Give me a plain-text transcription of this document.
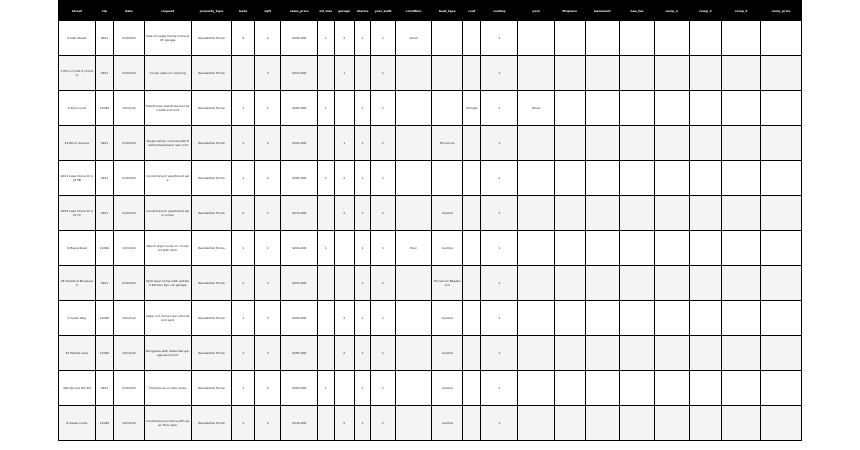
street	zip	date	request	property_type	beds	sqft	sales_price	lot_size	garage	stories	year_built	condition	heat_type	roof	cooling	pool	fireplace	basement	hoa_fee	comp_1	comp_2	comp_3	comp_price

9 Oak Street	3921	01/04/23	Sale of single family home with garage	Residential Home	2	2	$295,000	1	2	1	1	Good			1								

7 Elm Ln Unit 4 (Condo)	3921	01/04/23	Condo sale incl. parking	Residential Home		2	$310,000		1		1				1								

4 Pine Court	11090	12/12/22	Townhouse sale three bed two bath end unit	Residential Home	1	1	$280,000	1		1	1			Shingle	1	Wood							

23 Birch Avenue	3921	01/04/23	Single family colonial with finished basement new roof	Residential Home	1	2	$325,000		1	1	1		Forced Air		1								

1021 Lake Shore Dr Apt 5B	3921	01/04/23	Condominium apartment sale	Residential Home	1	2	$260,000	1	2	1	1				1								

1055 Lake Shore Dr Apt 7C	3921	01/04/23	Condominium apartment sale corner	Residential Home	2	1	$270,000		2	1	1		Central		1								

6 Maple Road	11090	12/12/22	Ranch style home on corner lot with deck	Residential Home	1	1	$240,000	1		1	1	Poor	Central		1								

18 Chestnut Boulevard	3921	01/04/23	Split level home with updated kitchen two car garage	Residential Home	1	2	$315,000			1	1		Forced Air Baseboard		1								

2 Cedar Way	11090	12/12/22	Cape cod home near schools and park	Residential Home	1	3	$299,000		2	1	1		Central		1								

45 Willow Lane	11090	12/12/22	Bungalow with detached garage and porch	Residential Home	1	2	$285,000		2	1	1		Central		1								

300 Spruce Hill Rd	3921	01/04/23	Farmhouse on two acres	Residential Home	1	2	$350,000	1		1	1		Central		1								

8 Aspen Drive	11090	12/12/22	Contemporary home with open floor plan	Residential Home	1	2	$330,000		2	1	1		Central		1								
